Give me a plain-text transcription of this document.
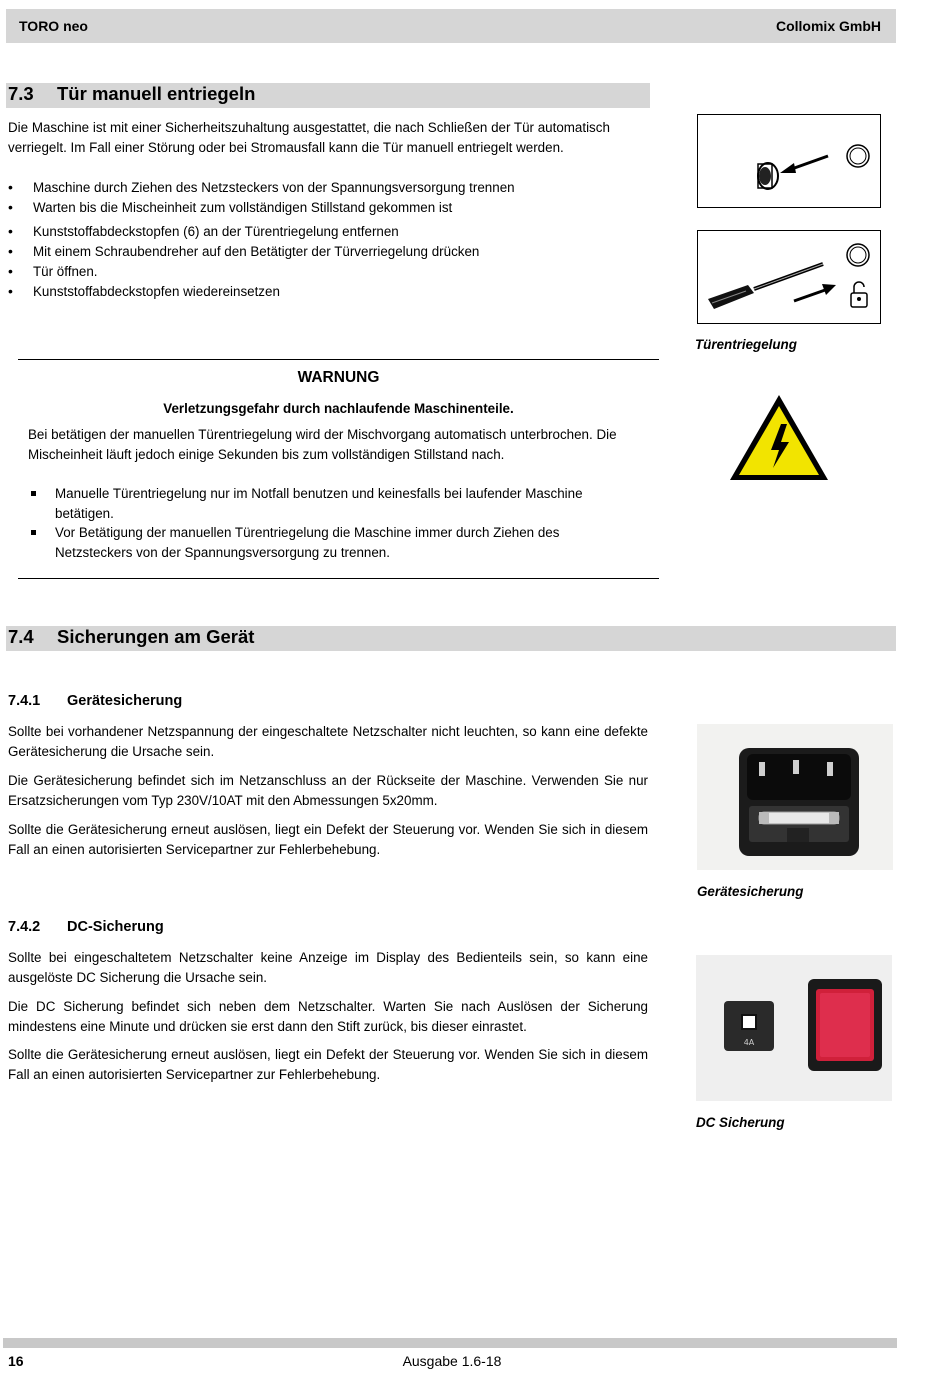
TORO neo	Collomix GmbH
7.3 Tür manuell entriegeln

Die Maschine ist mit einer Sicherheitszuhaltung ausgestattet, die nach Schließen der Tür automatisch verriegelt. Im Fall einer Störung oder bei Stromausfall kann die Tür manuell entriegelt werden.

• Maschine durch Ziehen des Netzsteckers von der Spannungsversorgung trennen
• Warten bis die Mischeinheit zum vollständigen Stillstand gekommen ist
• Kunststoffabdeckstopfen (6) an der Türentriegelung entfernen
• Mit einem Schraubendreher auf den Betätigter der Türverriegelung drücken
• Tür öffnen.
• Kunststoffabdeckstopfen wiedereinsetzen
Türentriegelung
WARNUNG
Verletzungsgefahr durch nachlaufende Maschinenteile.

Bei betätigen der manuellen Türentriegelung wird der Mischvorgang automatisch unterbrochen. Die Mischeinheit läuft jedoch einige Sekunden bis zum vollständigen Stillstand nach.

Manuelle Türentriegelung nur im Notfall benutzen und keinesfalls bei laufender Maschine betätigen.
Vor Betätigung der manuellen Türentriegelung die Maschine immer durch Ziehen des Netzsteckers von der Spannungsversorgung zu trennen.
7.4 Sicherungen am Gerät
7.4.1 Gerätesicherung

Sollte bei vorhandener Netzspannung der eingeschaltete Netzschalter nicht leuchten, so kann eine defekte Gerätesicherung die Ursache sein.

Die Gerätesicherung befindet sich im Netzanschluss an der Rückseite der Maschine. Verwenden Sie nur Ersatzsicherungen vom Typ 230V/10AT mit den Abmessungen 5x20mm.

Sollte die Gerätesicherung erneut auslösen, liegt ein Defekt der Steuerung vor. Wenden Sie sich in diesem Fall an einen autorisierten Servicepartner zur Fehlerbehebung.

Gerätesicherung
7.4.2 DC-Sicherung

Sollte bei eingeschaltetem Netzschalter keine Anzeige im Display des Bedienteils sein, so kann eine ausgelöste DC Sicherung die Ursache sein.

Die DC Sicherung befindet sich neben dem Netzschalter. Warten Sie nach Auslösen der Sicherung mindestens eine Minute und drücken sie erst dann den Stift zurück, bis dieser einrastet.

Sollte die Gerätesicherung erneut auslösen, liegt ein Defekt der Steuerung vor. Wenden Sie sich in diesem Fall an einen autorisierten Servicepartner zur Fehlerbehebung.

4A
DC Sicherung
16	Ausgabe 1.6-18
